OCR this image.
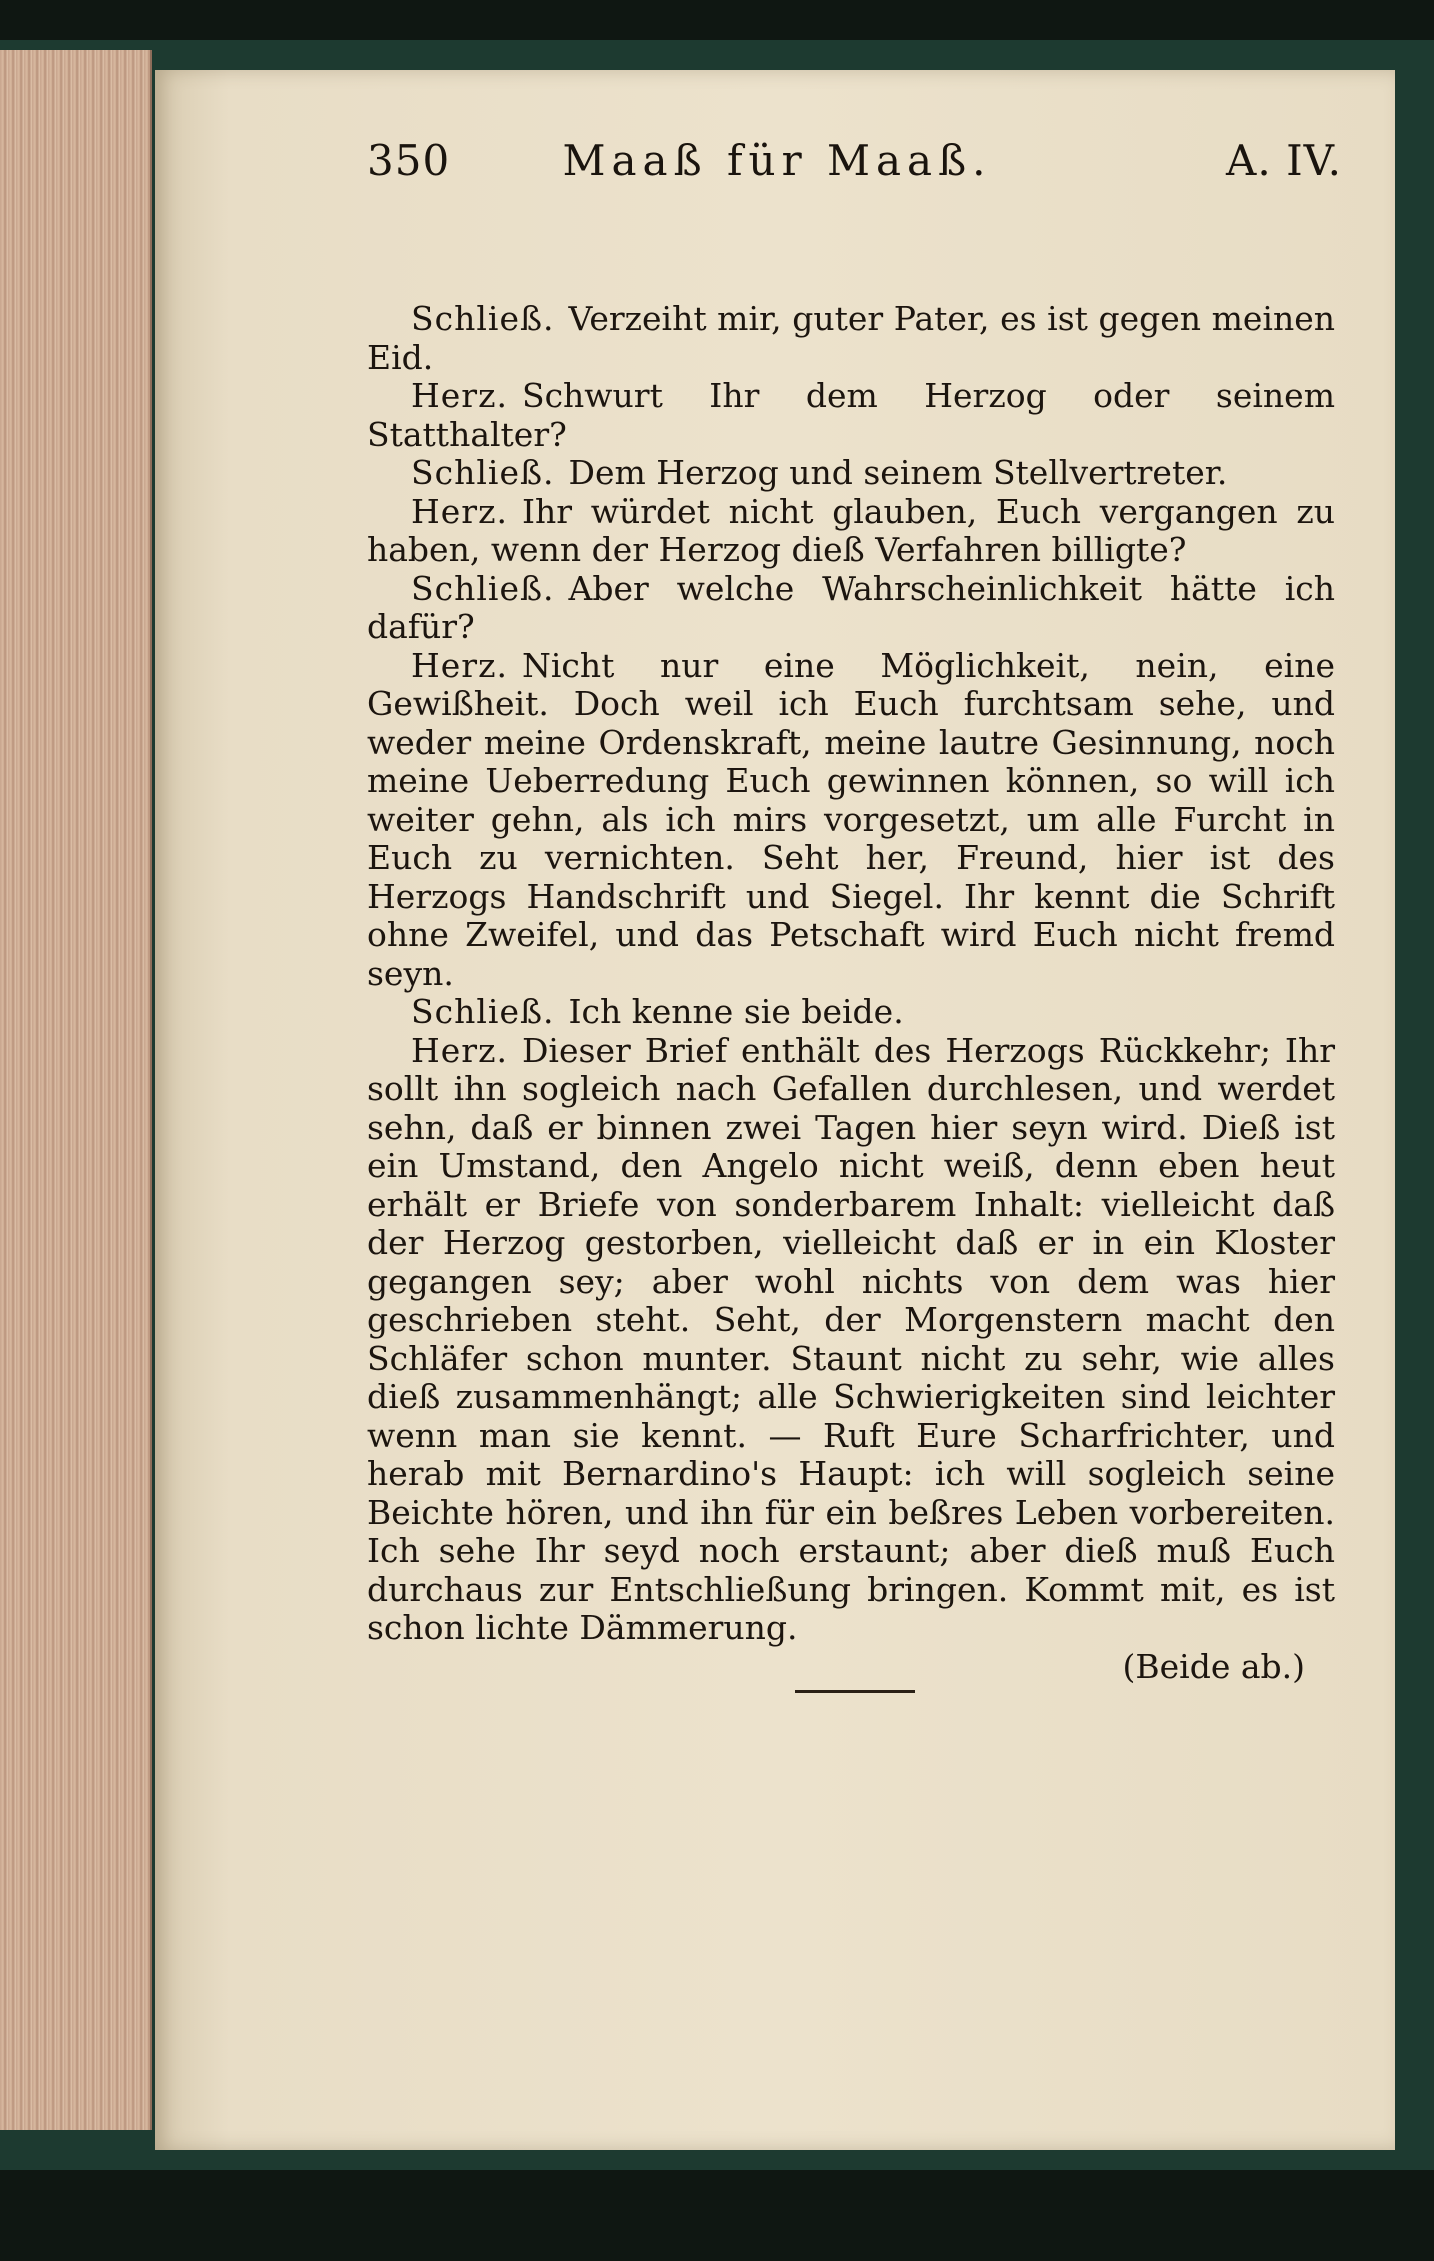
350	Maaß für Maaß.	A. IV.

Schließ. Verzeiht mir, guter Pater, es ist gegen meinen Eid.

Herz. Schwurt Ihr dem Herzog oder seinem Statthalter?

Schließ. Dem Herzog und seinem Stellvertreter.

Herz. Ihr würdet nicht glauben, Euch vergangen zu haben, wenn der Herzog dieß Verfahren billigte?

Schließ. Aber welche Wahrscheinlichkeit hätte ich dafür?

Herz. Nicht nur eine Möglichkeit, nein, eine Gewißheit. Doch weil ich Euch furchtsam sehe, und weder meine Ordenskraft, meine lautre Gesinnung, noch meine Ueberredung Euch gewinnen können, so will ich weiter gehn, als ich mirs vorgesetzt, um alle Furcht in Euch zu vernichten. Seht her, Freund, hier ist des Herzogs Handschrift und Siegel. Ihr kennt die Schrift ohne Zweifel, und das Petschaft wird Euch nicht fremd seyn.

Schließ. Ich kenne sie beide.

Herz. Dieser Brief enthält des Herzogs Rückkehr; Ihr sollt ihn sogleich nach Gefallen durchlesen, und werdet sehn, daß er binnen zwei Tagen hier seyn wird. Dieß ist ein Umstand, den Angelo nicht weiß, denn eben heut erhält er Briefe von sonderbarem Inhalt: vielleicht daß der Herzog gestorben, vielleicht daß er in ein Kloster gegangen sey; aber wohl nichts von dem was hier geschrieben steht. Seht, der Morgenstern macht den Schläfer schon munter. Staunt nicht zu sehr, wie alles dieß zusammenhängt; alle Schwierigkeiten sind leichter wenn man sie kennt. — Ruft Eure Scharfrichter, und herab mit Bernardino's Haupt: ich will sogleich seine Beichte hören, und ihn für ein beßres Leben vorbereiten. Ich sehe Ihr seyd noch erstaunt; aber dieß muß Euch durchaus zur Entschließung bringen. Kommt mit, es ist schon lichte Dämmerung.

(Beide ab.)
